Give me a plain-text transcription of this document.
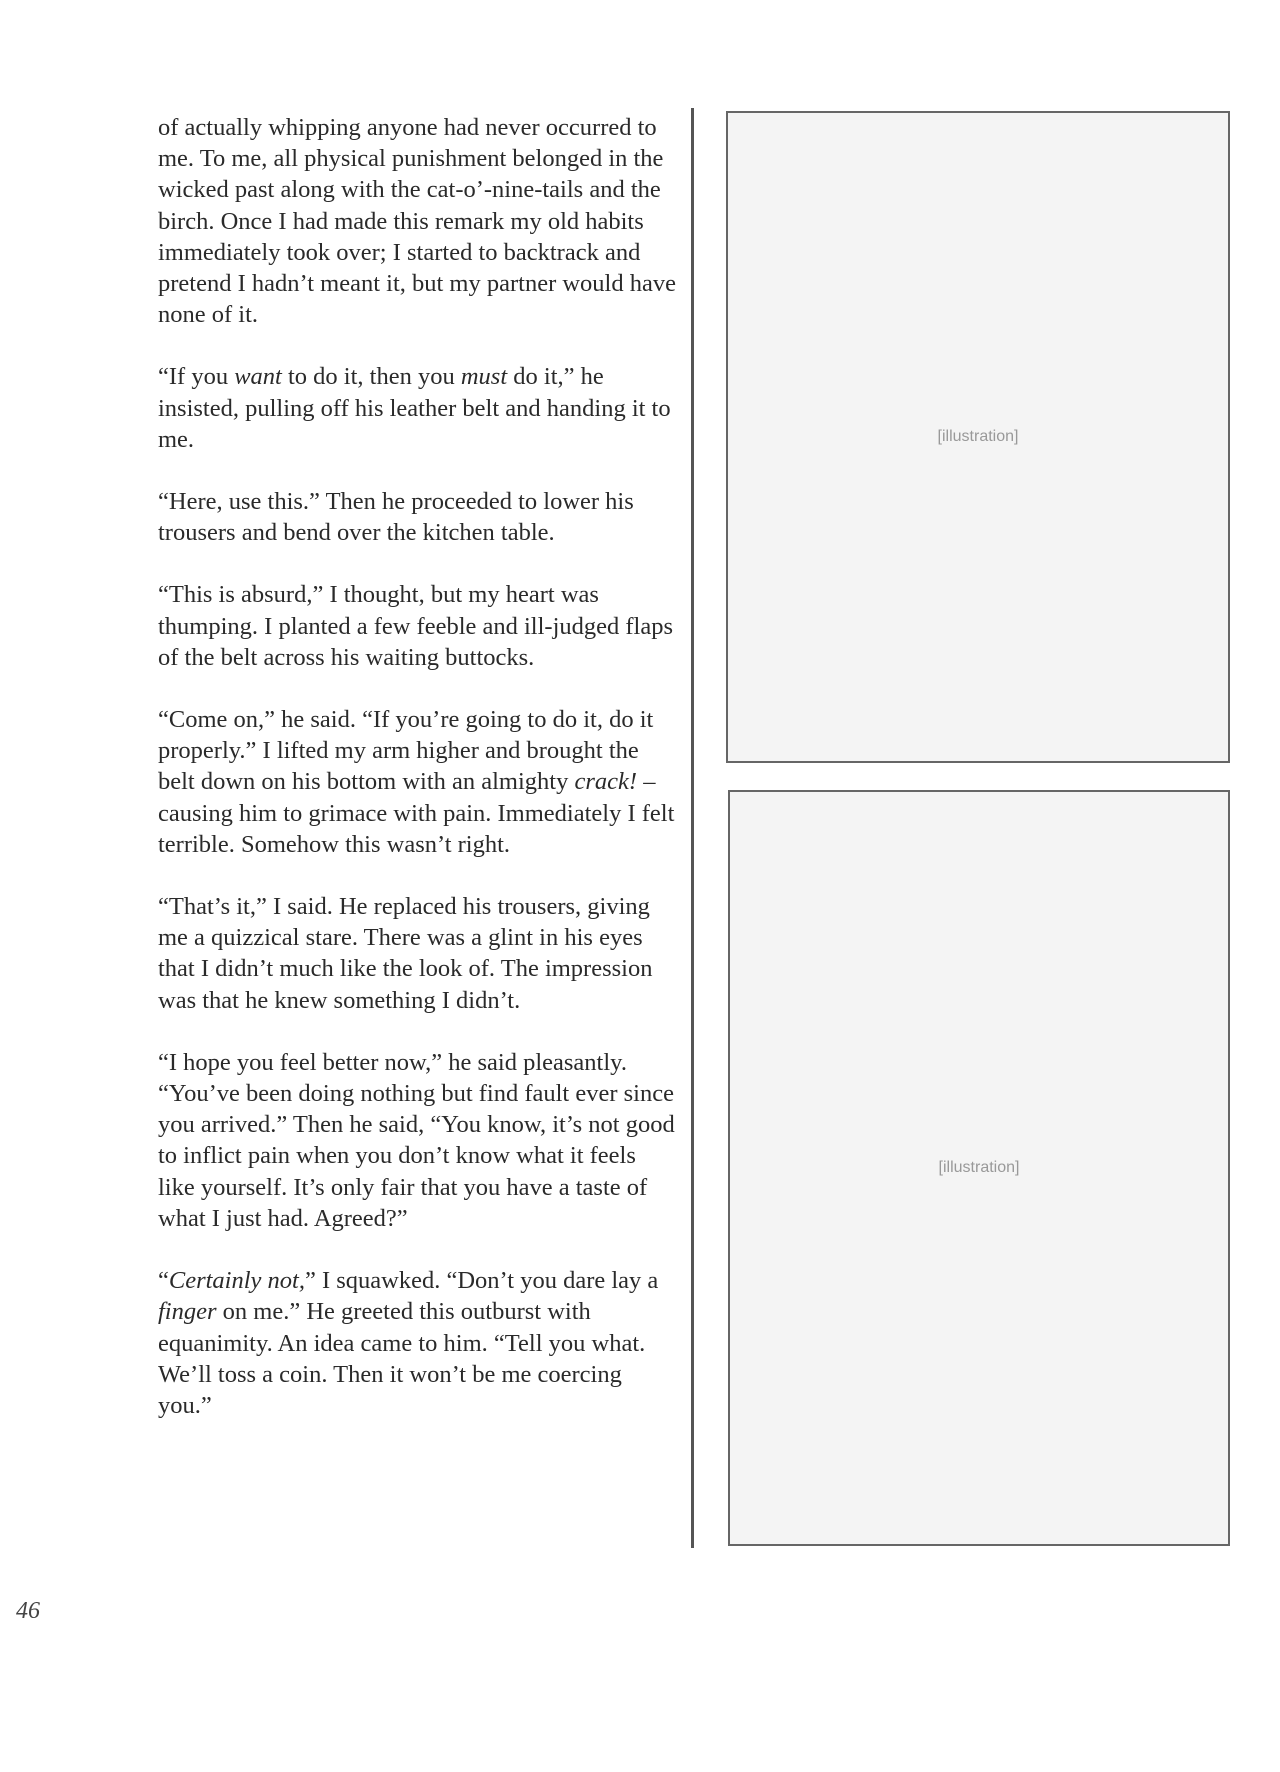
of actually whipping anyone had never occurred to me. To me, all physical punishment belonged in the wicked past along with the cat-o’-nine-tails and the birch. Once I had made this remark my old habits immediately took over; I started to backtrack and pretend I hadn’t meant it, but my partner would have none of it.

“If you want to do it, then you must do it,” he insisted, pulling off his leather belt and handing it to me.

“Here, use this.” Then he proceeded to lower his trousers and bend over the kitchen table.

“This is absurd,” I thought, but my heart was thumping. I planted a few feeble and ill-judged flaps of the belt across his waiting buttocks.

“Come on,” he said. “If you’re going to do it, do it properly.” I lifted my arm higher and brought the belt down on his bottom with an almighty crack! – causing him to grimace with pain. Immediately I felt terrible. Somehow this wasn’t right.

“That’s it,” I said. He replaced his trousers, giving me a quizzical stare. There was a glint in his eyes that I didn’t much like the look of. The impression was that he knew something I didn’t.

“I hope you feel better now,” he said pleasantly. “You’ve been doing nothing but find fault ever since you arrived.” Then he said, “You know, it’s not good to inflict pain when you don’t know what it feels like yourself. It’s only fair that you have a taste of what I just had. Agreed?”

“Certainly not,” I squawked. “Don’t you dare lay a finger on me.” He greeted this outburst with equanimity. An idea came to him. “Tell you what. We’ll toss a coin. Then it won’t be me coercing you.”

[illustration]
[illustration]
46
